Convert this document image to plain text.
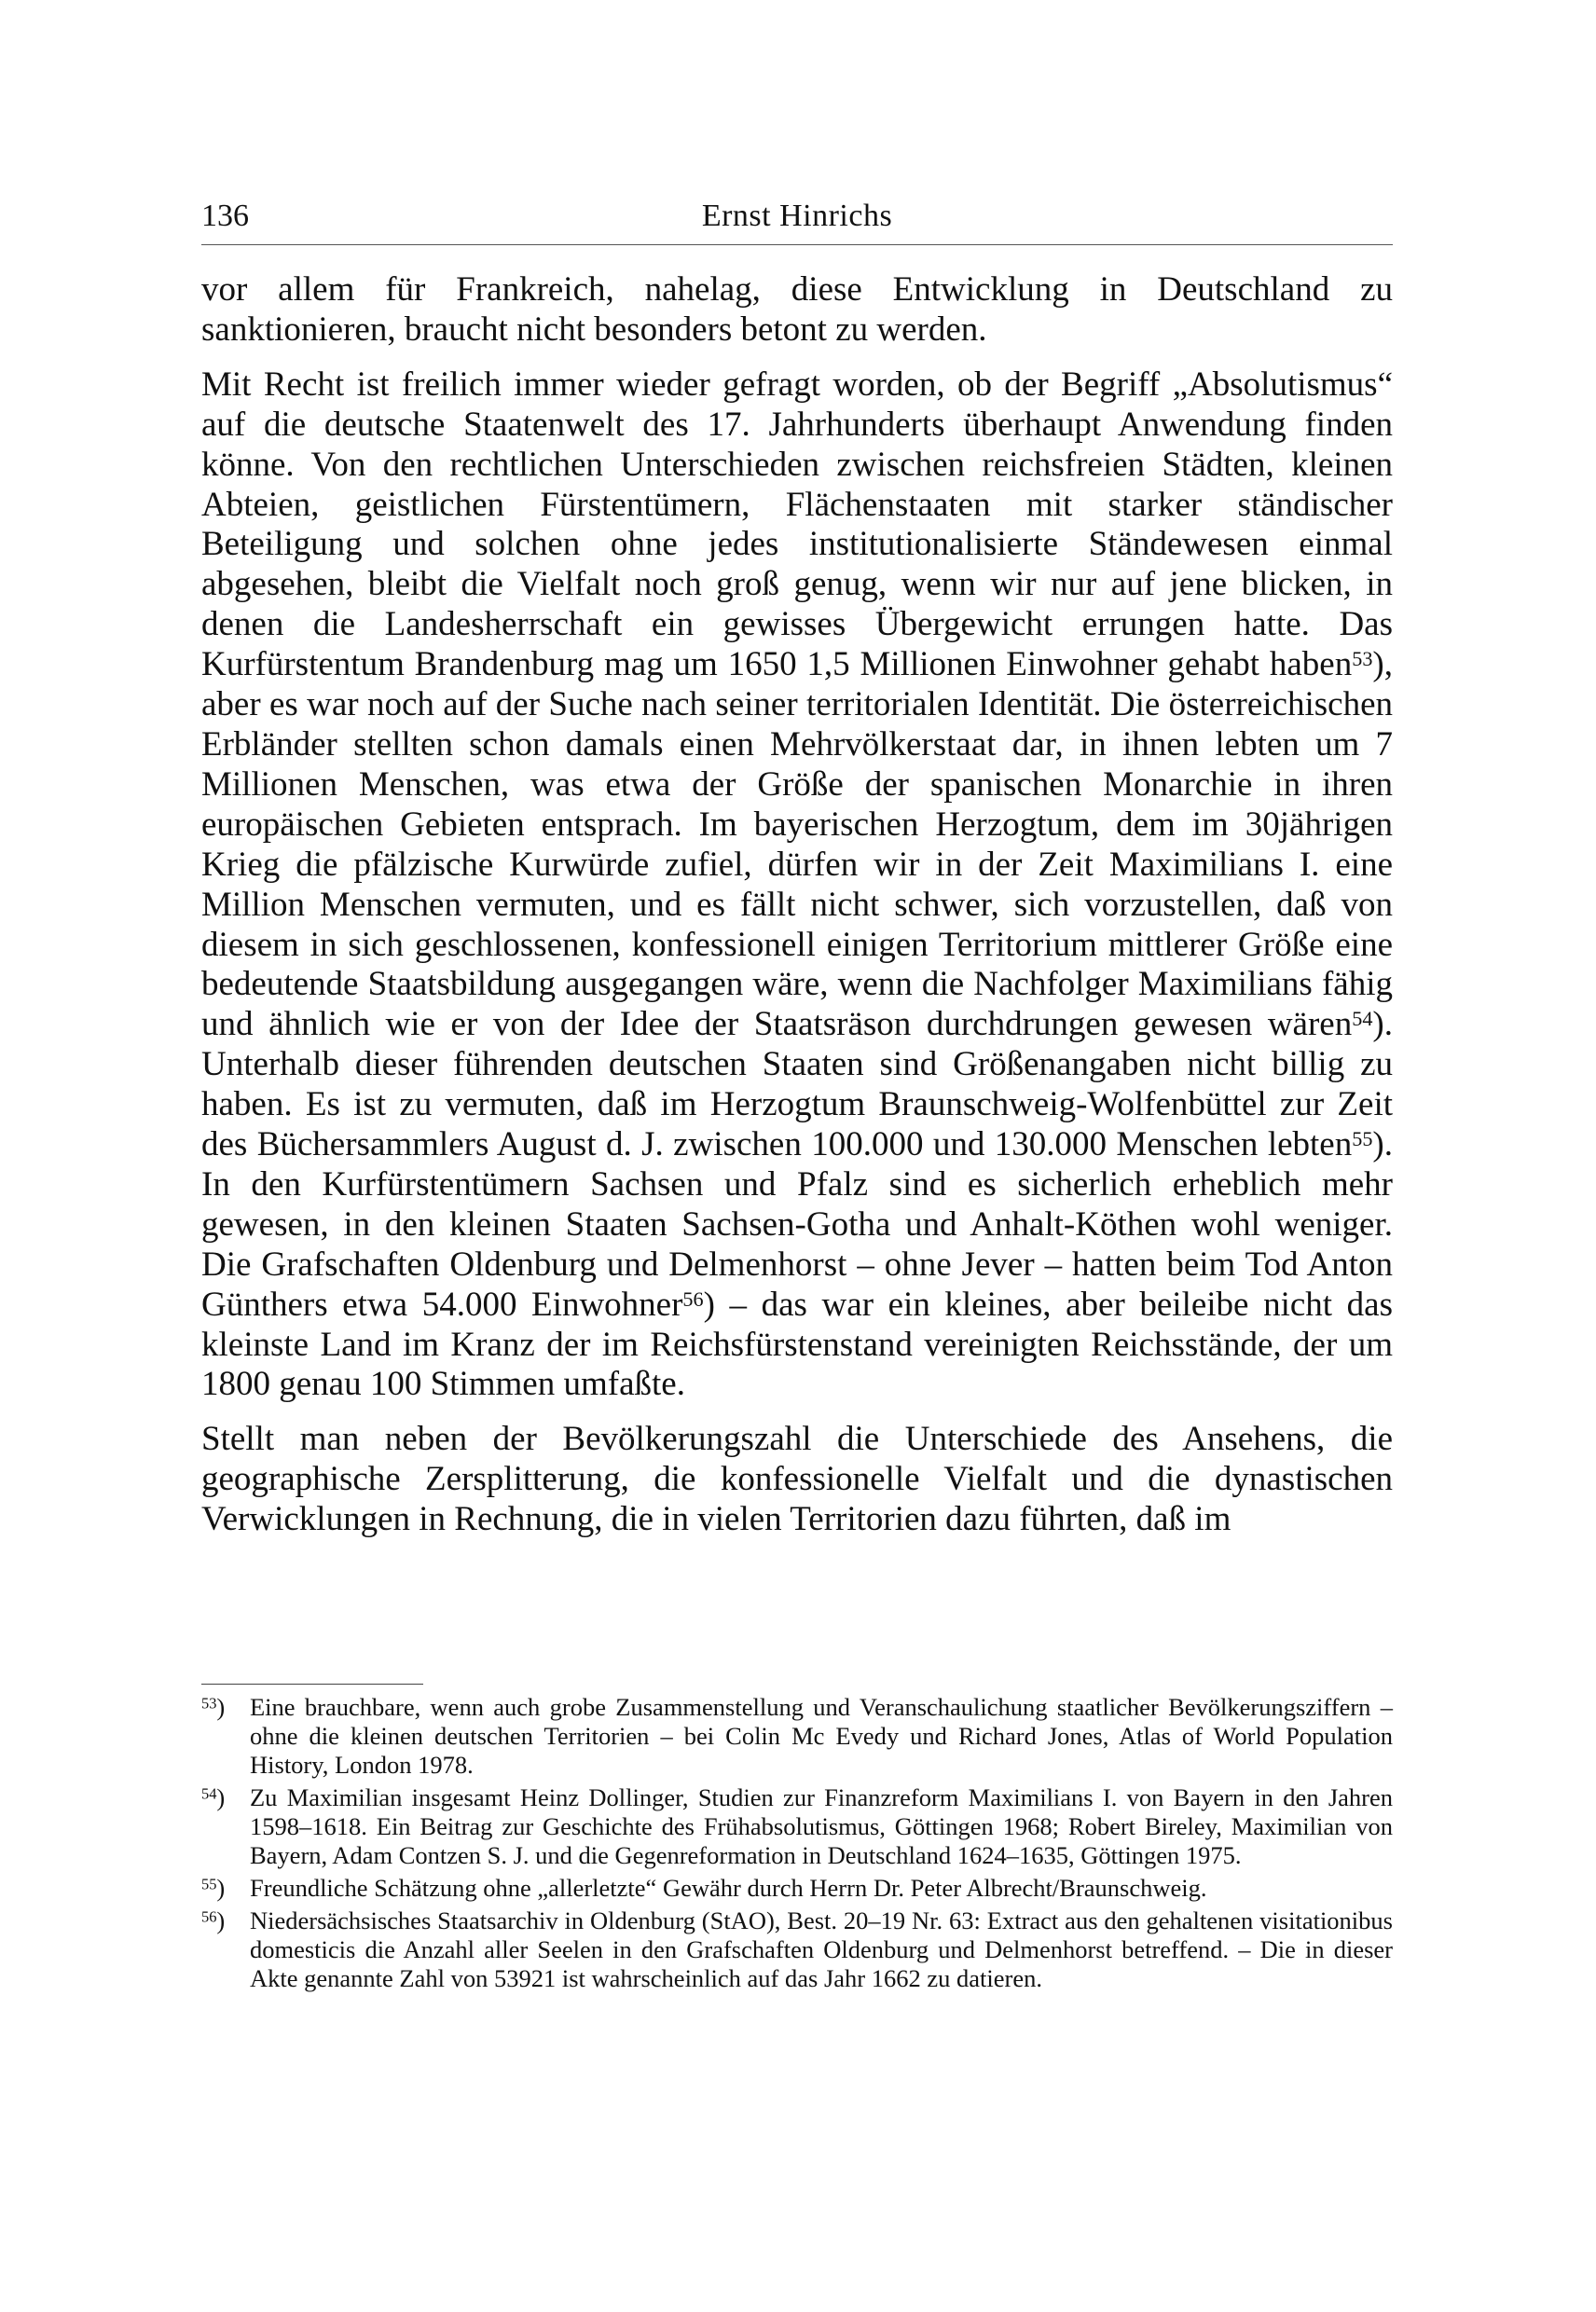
136	Ernst Hinrichs

vor allem für Frankreich, nahelag, diese Entwicklung in Deutschland zu sanktionieren, braucht nicht besonders betont zu werden.

Mit Recht ist freilich immer wieder gefragt worden, ob der Begriff „Absolutismus“ auf die deutsche Staatenwelt des 17. Jahrhunderts überhaupt Anwendung finden könne. Von den rechtlichen Unterschieden zwischen reichsfreien Städten, kleinen Abteien, geistlichen Fürstentümern, Flächenstaaten mit starker ständischer Beteiligung und solchen ohne jedes institutionalisierte Ständewesen einmal abgesehen, bleibt die Vielfalt noch groß genug, wenn wir nur auf jene blicken, in denen die Landesherrschaft ein gewisses Übergewicht errungen hatte. Das Kurfürstentum Brandenburg mag um 1650 1,5 Millionen Einwohner gehabt haben$^{53}$), aber es war noch auf der Suche nach seiner territorialen Identität. Die österreichischen Erbländer stellten schon damals einen Mehrvölkerstaat dar, in ihnen lebten um 7 Millionen Menschen, was etwa der Größe der spanischen Monarchie in ihren europäischen Gebieten entsprach. Im bayerischen Herzogtum, dem im 30jährigen Krieg die pfälzische Kurwürde zufiel, dürfen wir in der Zeit Maximilians I. eine Million Menschen vermuten, und es fällt nicht schwer, sich vorzustellen, daß von diesem in sich geschlossenen, konfessionell einigen Territorium mittlerer Größe eine bedeutende Staatsbildung ausgegangen wäre, wenn die Nachfolger Maximilians fähig und ähnlich wie er von der Idee der Staatsräson durchdrungen gewesen wären$^{54}$). Unterhalb dieser führenden deutschen Staaten sind Größenangaben nicht billig zu haben. Es ist zu vermuten, daß im Herzogtum Braunschweig-Wolfenbüttel zur Zeit des Büchersammlers August d. J. zwischen 100.000 und 130.000 Menschen lebten$^{55}$). In den Kurfürstentümern Sachsen und Pfalz sind es sicherlich erheblich mehr gewesen, in den kleinen Staaten Sachsen-Gotha und Anhalt-Köthen wohl weniger. Die Grafschaften Oldenburg und Delmenhorst – ohne Jever – hatten beim Tod Anton Günthers etwa 54.000 Einwohner$^{56}$) – das war ein kleines, aber beileibe nicht das kleinste Land im Kranz der im Reichsfürstenstand vereinigten Reichsstände, der um 1800 genau 100 Stimmen umfaßte.

Stellt man neben der Bevölkerungszahl die Unterschiede des Ansehens, die geographische Zersplitterung, die konfessionelle Vielfalt und die dynastischen Verwicklungen in Rechnung, die in vielen Territorien dazu führten, daß im

$^{53}$) Eine brauchbare, wenn auch grobe Zusammenstellung und Veranschaulichung staatlicher Bevölkerungsziffern – ohne die kleinen deutschen Territorien – bei Colin Mc Evedy und Richard Jones, Atlas of World Population History, London 1978.
$^{54}$) Zu Maximilian insgesamt Heinz Dollinger, Studien zur Finanzreform Maximilians I. von Bayern in den Jahren 1598–1618. Ein Beitrag zur Geschichte des Frühabsolutismus, Göttingen 1968; Robert Bireley, Maximilian von Bayern, Adam Contzen S. J. und die Gegenreformation in Deutschland 1624–1635, Göttingen 1975.
$^{55}$) Freundliche Schätzung ohne „allerletzte“ Gewähr durch Herrn Dr. Peter Albrecht/Braunschweig.
$^{56}$) Niedersächsisches Staatsarchiv in Oldenburg (StAO), Best. 20–19 Nr. 63: Extract aus den gehaltenen visitationibus domesticis die Anzahl aller Seelen in den Grafschaften Oldenburg und Delmenhorst betreffend. – Die in dieser Akte genannte Zahl von 53921 ist wahrscheinlich auf das Jahr 1662 zu datieren.
